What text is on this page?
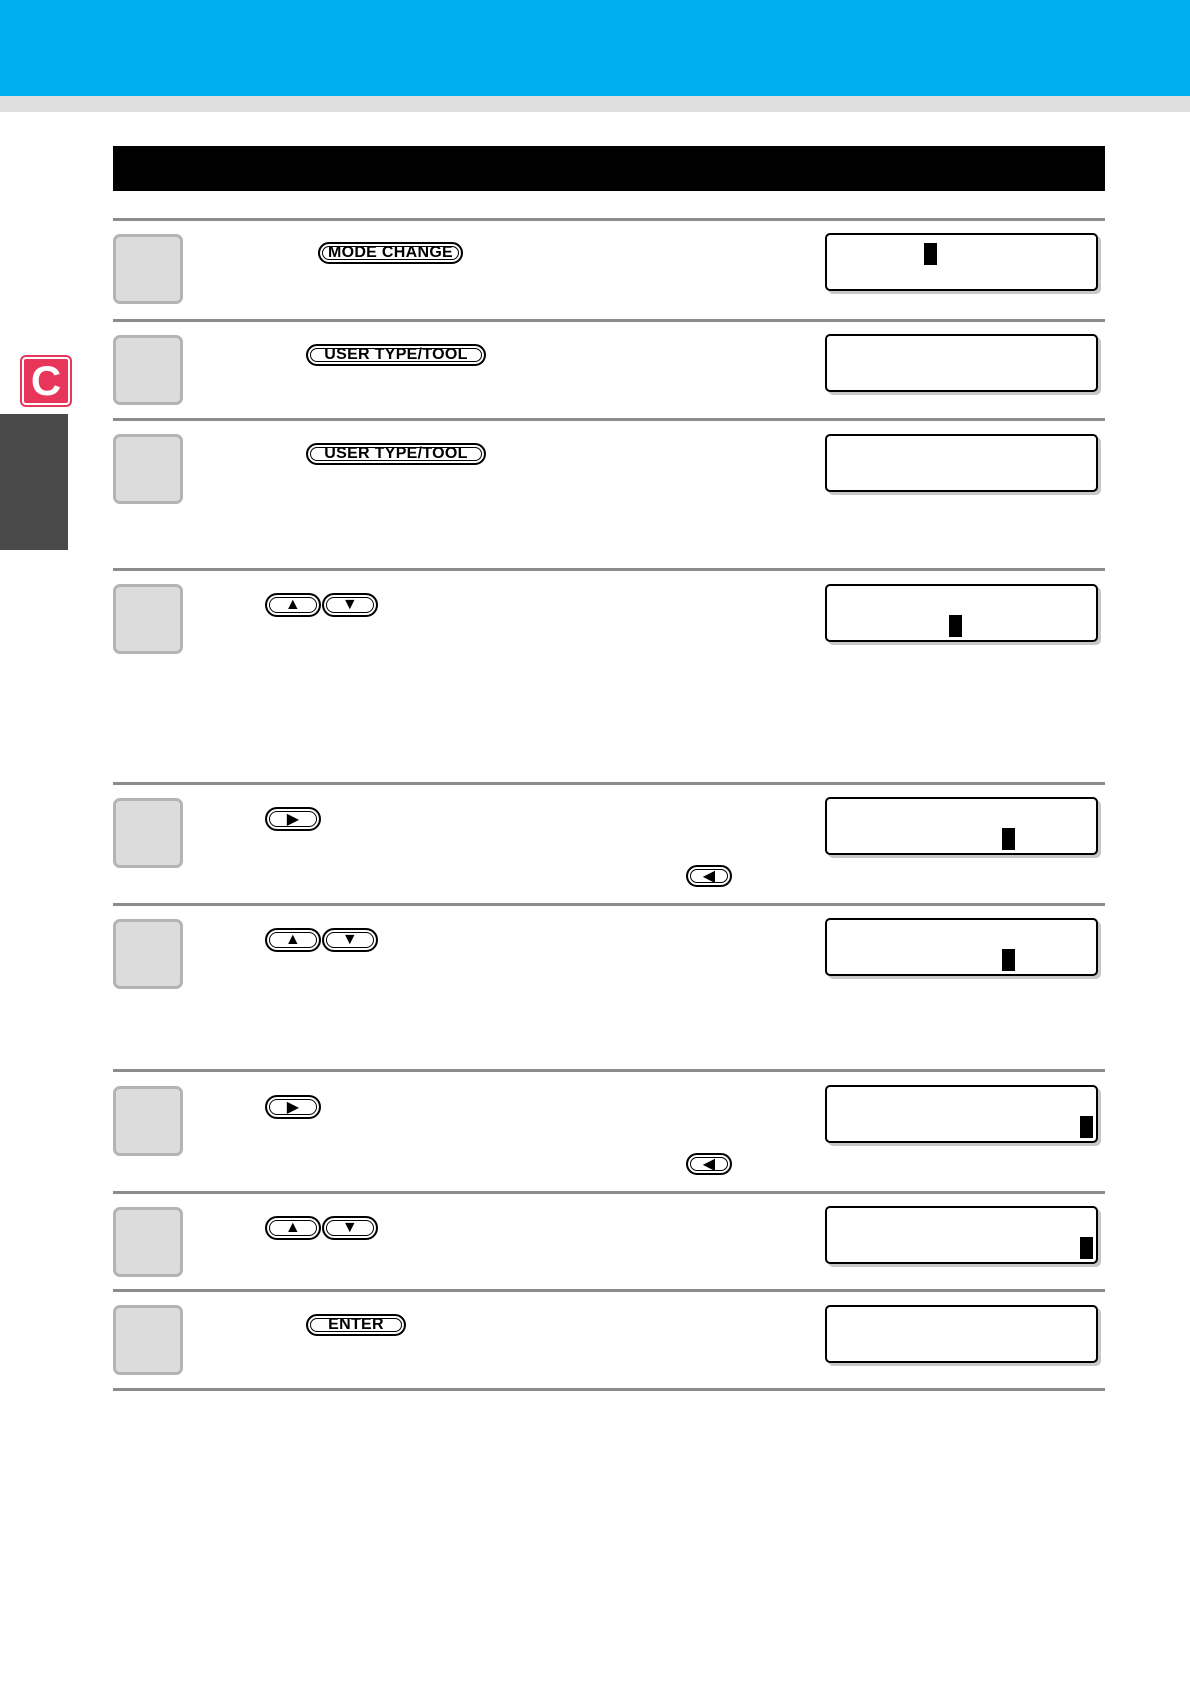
C
MODE CHANGE
USER TYPE/TOOL
USER TYPE/TOOL
▲	▼
▶
◀
▲	▼
▶
◀
▲	▼
ENTER
